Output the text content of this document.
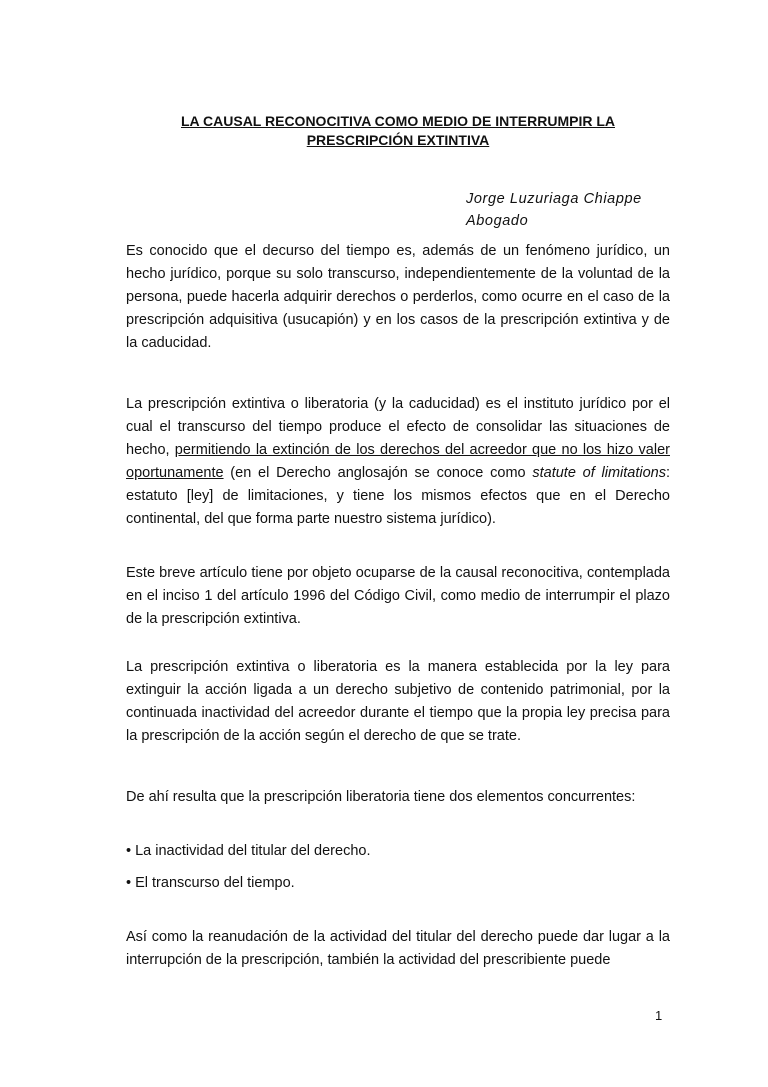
LA CAUSAL RECONOCITIVA COMO MEDIO DE INTERRUMPIR LA
PRESCRIPCIÓN EXTINTIVA
Jorge Luzuriaga Chiappe
Abogado

Es conocido que el decurso del tiempo es, además de un fenómeno jurídico, un hecho jurídico, porque su solo transcurso, independientemente de la voluntad de la persona, puede hacerla adquirir derechos o perderlos, como ocurre en el caso de la prescripción adquisitiva (usucapión) y en los casos de la prescripción extintiva y de la caducidad.

La prescripción extintiva o liberatoria (y la caducidad) es el instituto jurídico por el cual el transcurso del tiempo produce el efecto de consolidar las situaciones de hecho, permitiendo la extinción de los derechos del acreedor que no los hizo valer oportunamente (en el Derecho anglosajón se conoce como statute of limitations: estatuto [ley] de limitaciones, y tiene los mismos efectos que en el Derecho continental, del que forma parte nuestro sistema jurídico).

Este breve artículo tiene por objeto ocuparse de la causal reconocitiva, contemplada en el inciso 1 del artículo 1996 del Código Civil, como medio de interrumpir el plazo de la prescripción extintiva.

La prescripción extintiva o liberatoria es la manera establecida por la ley para extinguir la acción ligada a un derecho subjetivo de contenido patrimonial, por la continuada inactividad del acreedor durante el tiempo que la propia ley precisa para la prescripción de la acción según el derecho de que se trate.

De ahí resulta que la prescripción liberatoria tiene dos elementos concurrentes:

• La inactividad del titular del derecho.

• El transcurso del tiempo.

Así como la reanudación de la actividad del titular del derecho puede dar lugar a la interrupción de la prescripción, también la actividad del prescribiente puede

1
